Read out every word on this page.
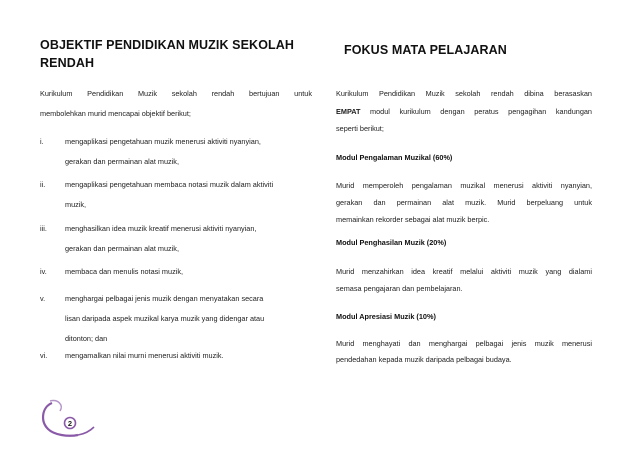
OBJEKTIF PENDIDIKAN MUZIK SEKOLAH
RENDAH
Kurikulum Pendidikan Muzik sekolah rendah bertujuan untuk
membolehkan murid mencapai objektif berikut;
i.	mengaplikasi pengetahuan muzik menerusi aktiviti nyanyian,
gerakan dan permainan alat muzik,
ii.	mengaplikasi pengetahuan membaca notasi muzik dalam aktiviti
muzik,
iii.	menghasilkan idea muzik kreatif menerusi aktiviti nyanyian,
gerakan dan permainan alat muzik,
iv.	membaca dan menulis notasi muzik,
v.	menghargai pelbagai jenis muzik dengan menyatakan secara
lisan daripada aspek muzikal karya muzik yang didengar atau
ditonton; dan
vi.	mengamalkan nilai murni menerusi aktiviti muzik.
FOKUS MATA PELAJARAN
Kurikulum Pendidikan Muzik sekolah rendah dibina berasaskan
EMPAT modul kurikulum dengan peratus pengagihan kandungan
seperti berikut;
Modul Pengalaman Muzikal (60%)
Murid memperoleh pengalaman muzikal menerusi aktiviti nyanyian,
gerakan dan permainan alat muzik. Murid berpeluang untuk
memainkan rekorder sebagai alat muzik berpic.
Modul Penghasilan Muzik (20%)
Murid menzahirkan idea kreatif melalui aktiviti muzik yang dialami
semasa pengajaran dan pembelajaran.
Modul Apresiasi Muzik (10%)
Murid menghayati dan menghargai pelbagai jenis muzik menerusi
pendedahan kepada muzik daripada pelbagai budaya.
2
